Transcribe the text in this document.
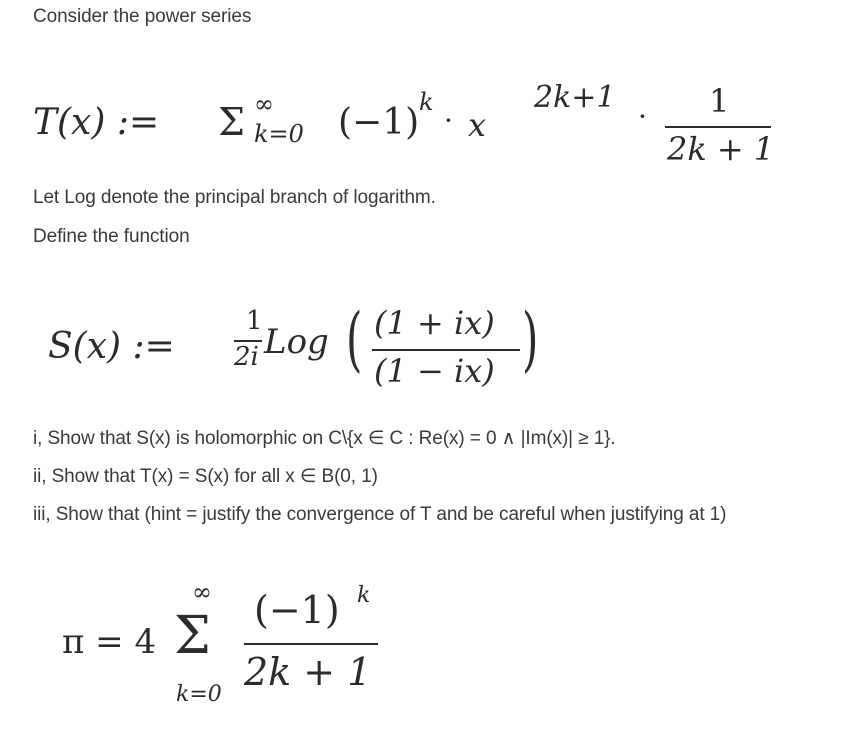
Consider the power series
T(x) := Σ ∞
k=0 (−1) k
· x
2k+1
· 1
2k + 1
Let Log denote the principal branch of logarithm.
Define the function
S(x) :=
1
2i Log ( (1 + ix)
(1 − ix) )
i, Show that S(x) is holomorphic on C\{x ∈ C : Re(x) = 0 ∧ |Im(x)| ≥ 1}.
ii, Show that T(x) = S(x) for all x ∈ B(0, 1)
iii, Show that (hint = justify the convergence of T and be careful when justifying at 1)
π = 4
∞
Σ
k=0
(−1) k
2k + 1
